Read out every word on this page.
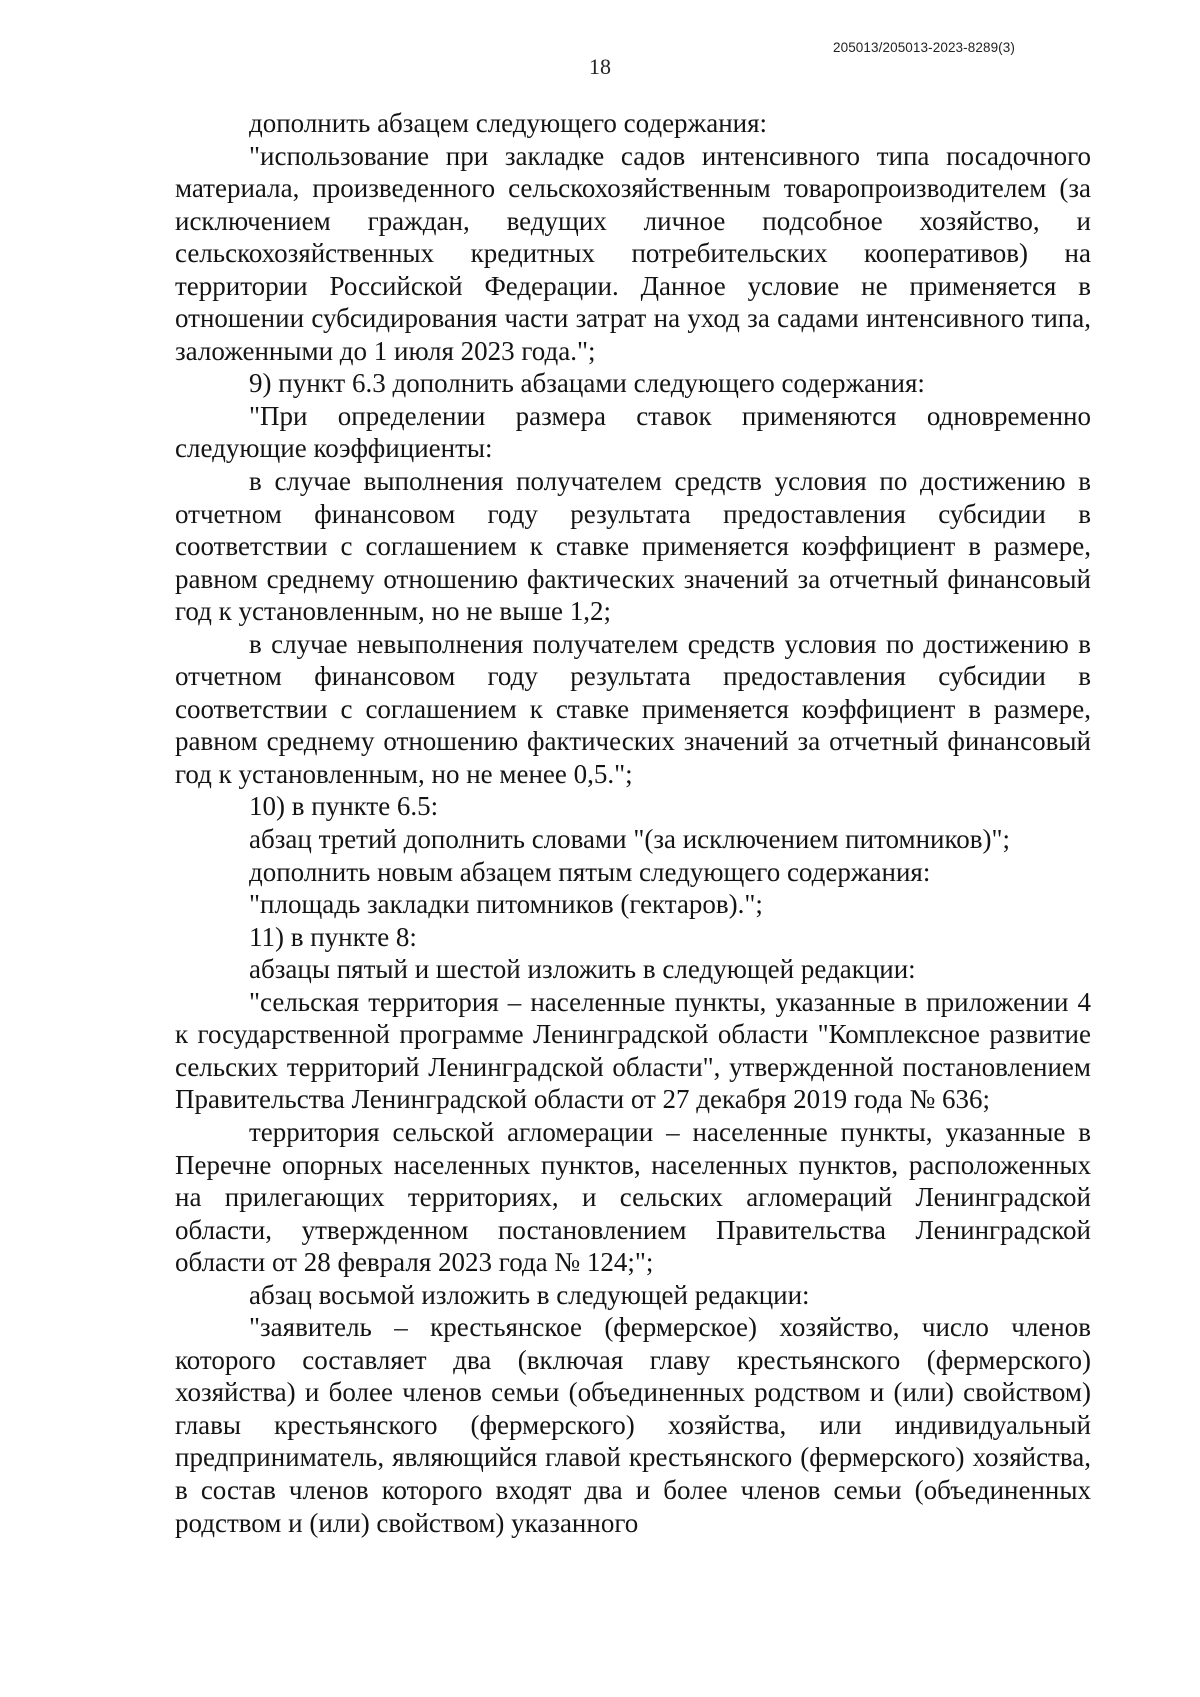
205013/205013-2023-8289(3)
18

дополнить абзацем следующего содержания:

"использование при закладке садов интенсивного типа посадочного материала, произведенного сельскохозяйственным товаропроизводителем (за исключением граждан, ведущих личное подсобное хозяйство, и сельскохозяйственных кредитных потребительских кооперативов) на территории Российской Федерации. Данное условие не применяется в отношении субсидирования части затрат на уход за садами интенсивного типа, заложенными до 1 июля 2023 года.";

9) пункт 6.3 дополнить абзацами следующего содержания:

"При определении размера ставок применяются одновременно следующие коэффициенты:

в случае выполнения получателем средств условия по достижению в отчетном финансовом году результата предоставления субсидии в соответствии с соглашением к ставке применяется коэффициент в размере, равном среднему отношению фактических значений за отчетный финансовый год к установленным, но не выше 1,2;

в случае невыполнения получателем средств условия по достижению в отчетном финансовом году результата предоставления субсидии в соответствии с соглашением к ставке применяется коэффициент в размере, равном среднему отношению фактических значений за отчетный финансовый год к установленным, но не менее 0,5.";

10) в пункте 6.5:

абзац третий дополнить словами "(за исключением питомников)";

дополнить новым абзацем пятым следующего содержания:

"площадь закладки питомников (гектаров).";

11) в пункте 8:

абзацы пятый и шестой изложить в следующей редакции:

"сельская территория – населенные пункты, указанные в приложении 4 к государственной программе Ленинградской области "Комплексное развитие сельских территорий Ленинградской области", утвержденной постановлением Правительства Ленинградской области от 27 декабря 2019 года № 636;

территория сельской агломерации – населенные пункты, указанные в Перечне опорных населенных пунктов, населенных пунктов, расположенных на прилегающих территориях, и сельских агломераций Ленинградской области, утвержденном постановлением Правительства Ленинградской области от 28 февраля 2023 года № 124;";

абзац восьмой изложить в следующей редакции:

"заявитель – крестьянское (фермерское) хозяйство, число членов которого составляет два (включая главу крестьянского (фермерского) хозяйства) и более членов семьи (объединенных родством и (или) свойством) главы крестьянского (фермерского) хозяйства, или индивидуальный предприниматель, являющийся главой крестьянского (фермерского) хозяйства, в состав членов которого входят два и более членов семьи (объединенных родством и (или) свойством) указанного
